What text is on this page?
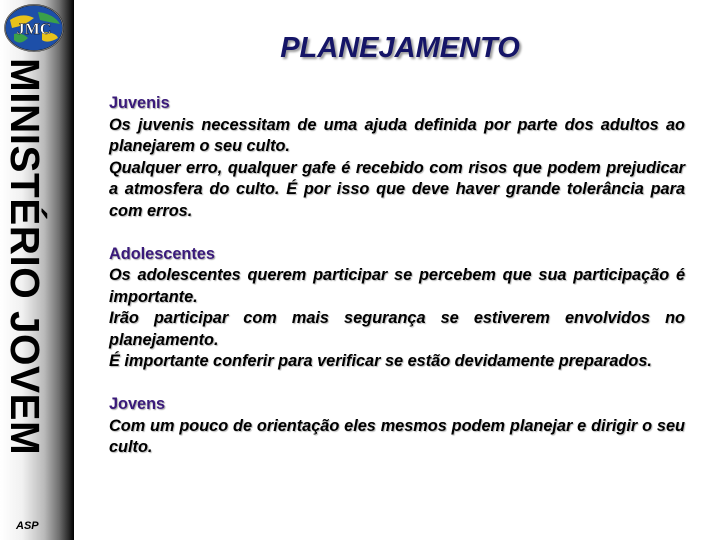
JMC
MINISTÉRIO JOVEM
ASP
PLANEJAMENTO
Juvenis
Os juvenis necessitam de uma ajuda definida por parte dos adultos ao planejarem o seu culto.
Qualquer erro, qualquer gafe é recebido com risos que podem prejudicar a atmosfera do culto. É por isso que deve haver grande tolerância para com erros.
Adolescentes
Os adolescentes querem participar se percebem que sua participação é importante.
Irão participar com mais segurança se estiverem envolvidos no planejamento.
É importante conferir para verificar se estão devidamente preparados.
Jovens
Com um pouco de orientação eles mesmos podem planejar e dirigir o seu culto.
